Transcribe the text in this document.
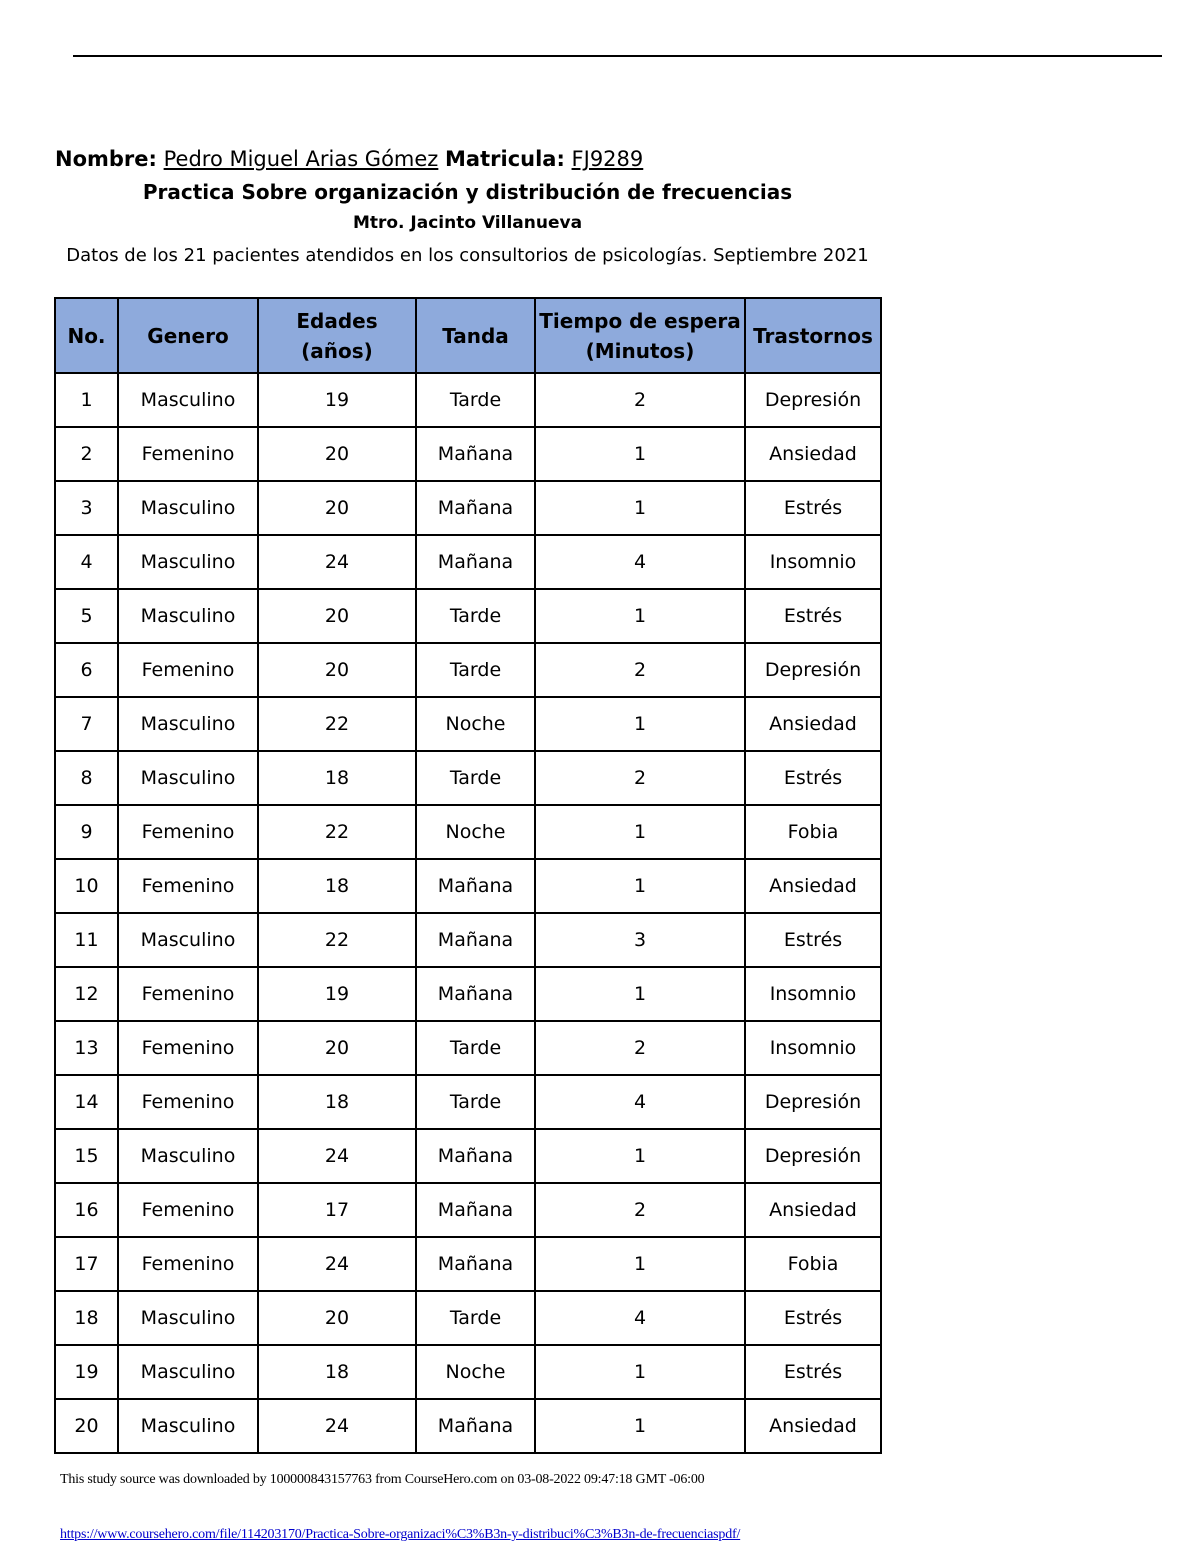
Nombre: Pedro Miguel Arias Gómez Matricula: FJ9289
Practica Sobre organización y distribución de frecuencias
Mtro. Jacinto Villanueva
Datos de los 21 pacientes atendidos en los consultorios de psicologías. Septiembre 2021
No.	Genero	Edades (años)	Tanda	Tiempo de espera (Minutos)	Trastornos
1	Masculino	19	Tarde	2	Depresión
2	Femenino	20	Mañana	1	Ansiedad
3	Masculino	20	Mañana	1	Estrés
4	Masculino	24	Mañana	4	Insomnio
5	Masculino	20	Tarde	1	Estrés
6	Femenino	20	Tarde	2	Depresión
7	Masculino	22	Noche	1	Ansiedad
8	Masculino	18	Tarde	2	Estrés
9	Femenino	22	Noche	1	Fobia
10	Femenino	18	Mañana	1	Ansiedad
11	Masculino	22	Mañana	3	Estrés
12	Femenino	19	Mañana	1	Insomnio
13	Femenino	20	Tarde	2	Insomnio
14	Femenino	18	Tarde	4	Depresión
15	Masculino	24	Mañana	1	Depresión
16	Femenino	17	Mañana	2	Ansiedad
17	Femenino	24	Mañana	1	Fobia
18	Masculino	20	Tarde	4	Estrés
19	Masculino	18	Noche	1	Estrés
20	Masculino	24	Mañana	1	Ansiedad
This study source was downloaded by 100000843157763 from CourseHero.com on 03-08-2022 09:47:18 GMT -06:00
https://www.coursehero.com/file/114203170/Practica-Sobre-organizaci%C3%B3n-y-distribuci%C3%B3n-de-frecuenciaspdf/
